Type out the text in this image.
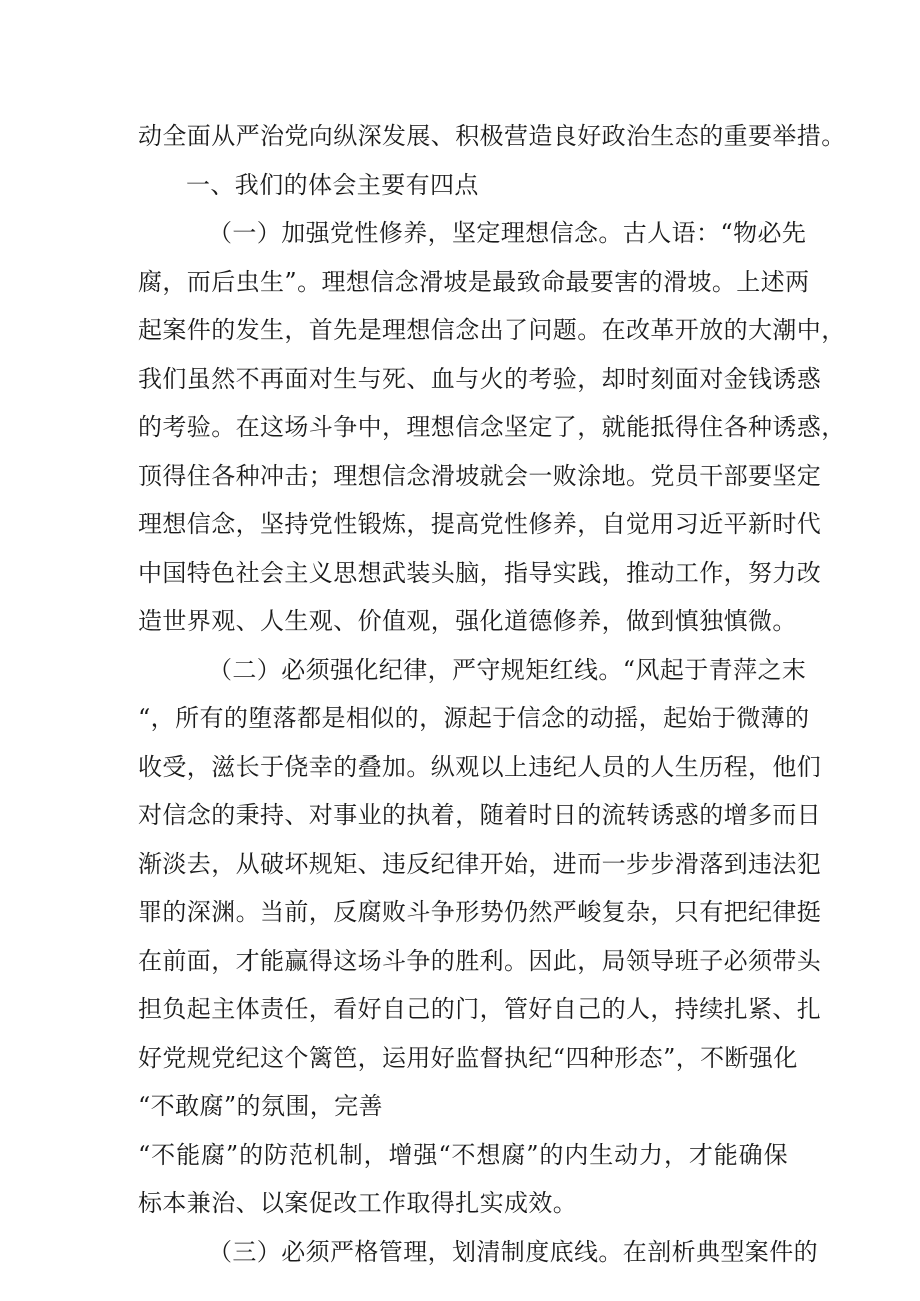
动全面从严治党向纵深发展、积极营造良好政治生态的重要举措。
一、我们的体会主要有四点
（一）加强党性修养，坚定理想信念。古人语：“物必先
腐，而后虫生”。理想信念滑坡是最致命最要害的滑坡。上述两
起案件的发生，首先是理想信念出了问题。在改革开放的大潮中，
我们虽然不再面对生与死、血与火的考验，却时刻面对金钱诱惑
的考验。在这场斗争中，理想信念坚定了，就能抵得住各种诱惑，
顶得住各种冲击；理想信念滑坡就会一败涂地。党员干部要坚定
理想信念，坚持党性锻炼，提高党性修养，自觉用习近平新时代
中国特色社会主义思想武装头脑，指导实践，推动工作，努力改
造世界观、人生观、价值观，强化道德修养，做到慎独慎微。
（二）必须强化纪律，严守规矩红线。“风起于青萍之末
“，所有的堕落都是相似的，源起于信念的动摇，起始于微薄的
收受，滋长于侥幸的叠加。纵观以上违纪人员的人生历程，他们
对信念的秉持、对事业的执着，随着时日的流转诱惑的增多而日
渐淡去，从破坏规矩、违反纪律开始，进而一步步滑落到违法犯
罪的深渊。当前，反腐败斗争形势仍然严峻复杂，只有把纪律挺
在前面，才能赢得这场斗争的胜利。因此，局领导班子必须带头
担负起主体责任，看好自己的门，管好自己的人，持续扎紧、扎
好党规党纪这个篱笆，运用好监督执纪“四种形态”，不断强化
“不敢腐”的氛围，完善
“不能腐”的防范机制，增强“不想腐”的内生动力，才能确保
标本兼治、以案促改工作取得扎实成效。
（三）必须严格管理，划清制度底线。在剖析典型案件的
